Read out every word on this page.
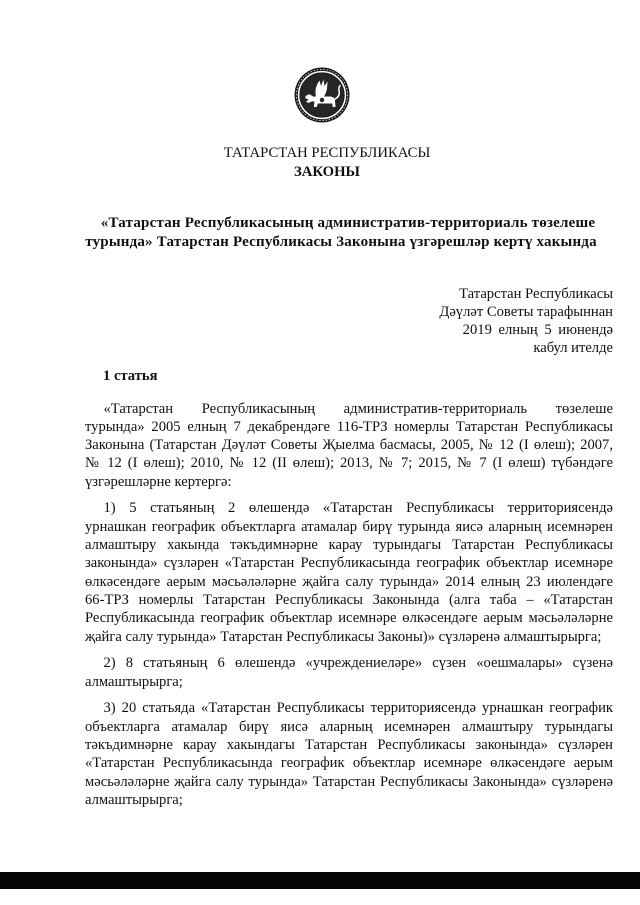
ТАТАРСТАН РЕСПУБЛИКАСЫ
ЗАКОНЫ
«Татарстан Республикасының административ-территориаль төзелеше
турында» Татарстан Республикасы Законына үзгәрешләр кертү хакында
Татарстан Республикасы
Дәүләт Советы тарафыннан
2019 елның 5 июнендә
кабул ителде
1 статья
«Татарстан Республикасының административ-территориаль төзелеше
турында» 2005 елның 7 декабрендәге 116-ТРЗ номерлы Татарстан Республикасы
Законына (Татарстан Дәүләт Советы Җыелма басмасы, 2005, № 12 (I өлеш); 2007,
№ 12 (I өлеш); 2010, № 12 (II өлеш); 2013, № 7; 2015, № 7 (I өлеш) түбәндәге
үзгәрешләрне кертергә:
1) 5 статьяның 2 өлешендә «Татарстан Республикасы территориясендә
урнашкан географик объектларга атамалар бирү турында яисә аларның исемнәрен
алмаштыру хакында тәкъдимнәрне карау турындагы Татарстан Республикасы
законында» сүзләрен «Татарстан Республикасында географик объектлар исемнәре
өлкәсендәге аерым мәсьәләләрне җайга салу турында» 2014 елның 23 июлендәге
66-ТРЗ номерлы Татарстан Республикасы Законында (алга таба – «Татарстан
Республикасында географик объектлар исемнәре өлкәсендәге аерым мәсьәләләрне
җайга салу турында» Татарстан Республикасы Законы)» сүзләренә алмаштырырга;
2) 8 статьяның 6 өлешендә «учреждениеләре» сүзен «оешмалары» сүзенә
алмаштырырга;
3) 20 статьяда «Татарстан Республикасы территориясендә урнашкан географик
объектларга атамалар бирү яисә аларның исемнәрен алмаштыру турындагы
тәкъдимнәрне карау хакындагы Татарстан Республикасы законында» сүзләрен
«Татарстан Республикасында географик объектлар исемнәре өлкәсендәге аерым
мәсьәләләрне җайга салу турында» Татарстан Республикасы Законында» сүзләренә
алмаштырырга;
